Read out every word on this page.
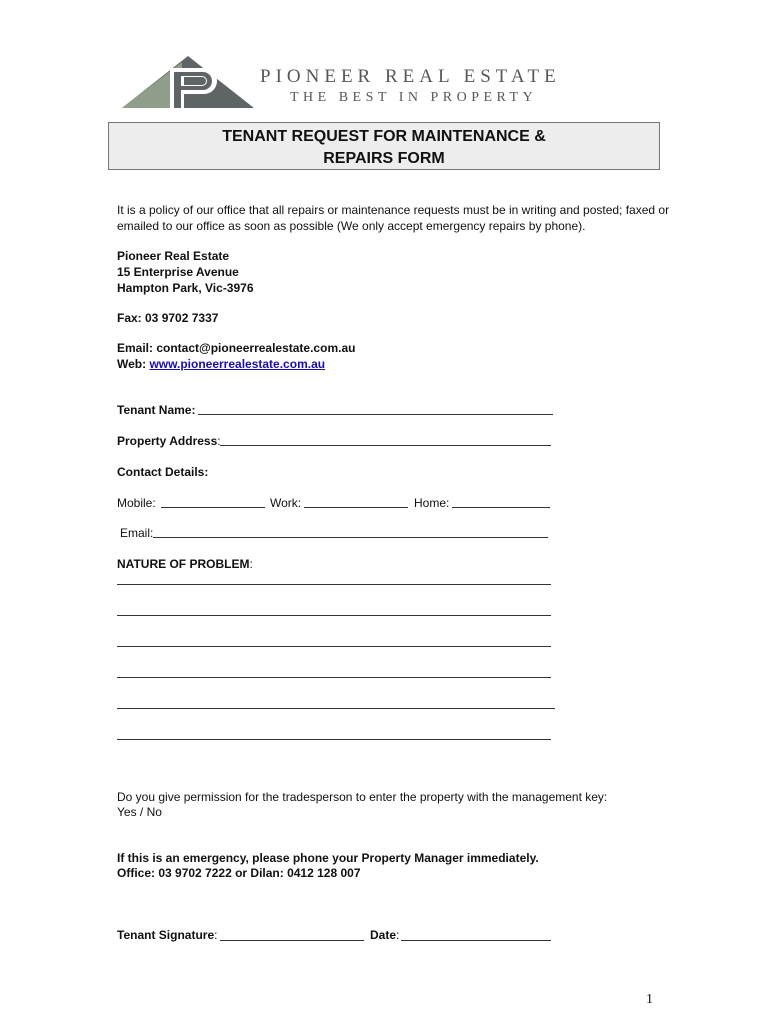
PIONEER REAL ESTATE
THE BEST IN PROPERTY
TENANT REQUEST FOR MAINTENANCE &
REPAIRS FORM
It is a policy of our office that all repairs or maintenance requests must be in writing and posted; faxed or
emailed to our office as soon as possible (We only accept emergency repairs by phone).
Pioneer Real Estate
15 Enterprise Avenue
Hampton Park, Vic-3976
Fax: 03 9702 7337
Email: contact@pioneerrealestate.com.au
Web: www.pioneerrealestate.com.au
Tenant Name:
Property Address:
Contact Details:
Mobile:	Work:	Home:
Email:
NATURE OF PROBLEM:
Do you give permission for the tradesperson to enter the property with the management key:
Yes / No
If this is an emergency, please phone your Property Manager immediately.
Office: 03 9702 7222 or Dilan: 0412 128 007
Tenant Signature:	Date:
1
